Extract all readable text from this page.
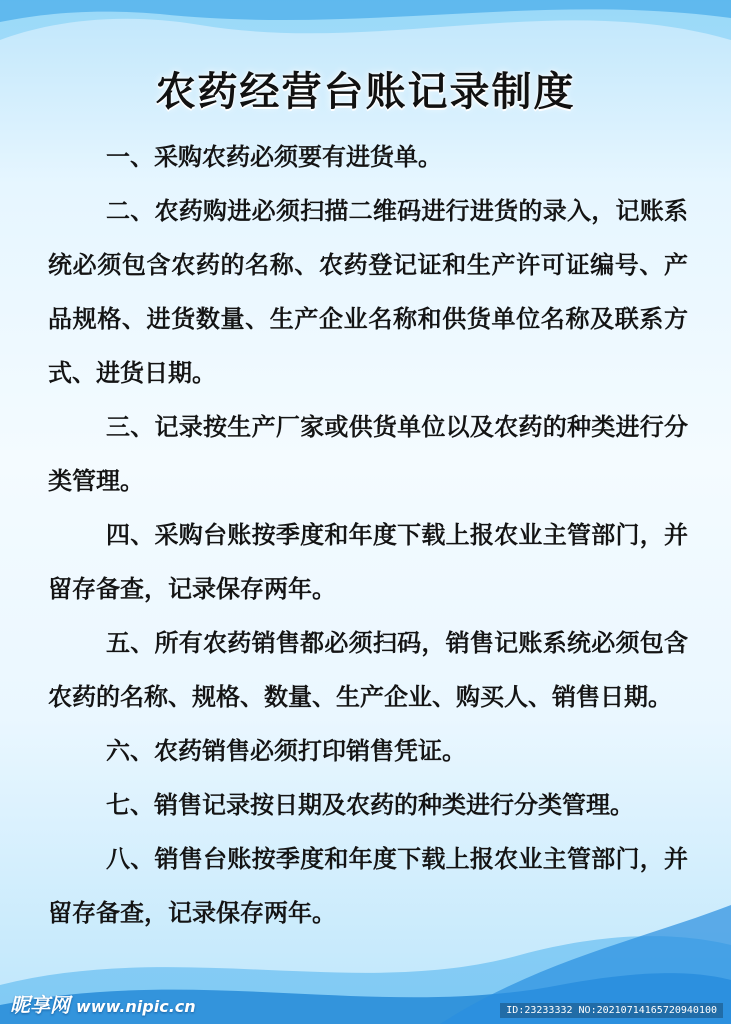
农药经营台账记录制度

一、采购农药必须要有进货单。

二、农药购进必须扫描二维码进行进货的录入，记账系统必须包含农药的名称、农药登记证和生产许可证编号、产品规格、进货数量、生产企业名称和供货单位名称及联系方式、进货日期。

三、记录按生产厂家或供货单位以及农药的种类进行分类管理。

四、采购台账按季度和年度下载上报农业主管部门，并留存备查，记录保存两年。

五、所有农药销售都必须扫码，销售记账系统必须包含农药的名称、规格、数量、生产企业、购买人、销售日期。

六、农药销售必须打印销售凭证。

七、销售记录按日期及农药的种类进行分类管理。

八、销售台账按季度和年度下载上报农业主管部门，并留存备查，记录保存两年。

昵享网 www.nipic.cn	ID:23233332 NO:20210714165720940100
